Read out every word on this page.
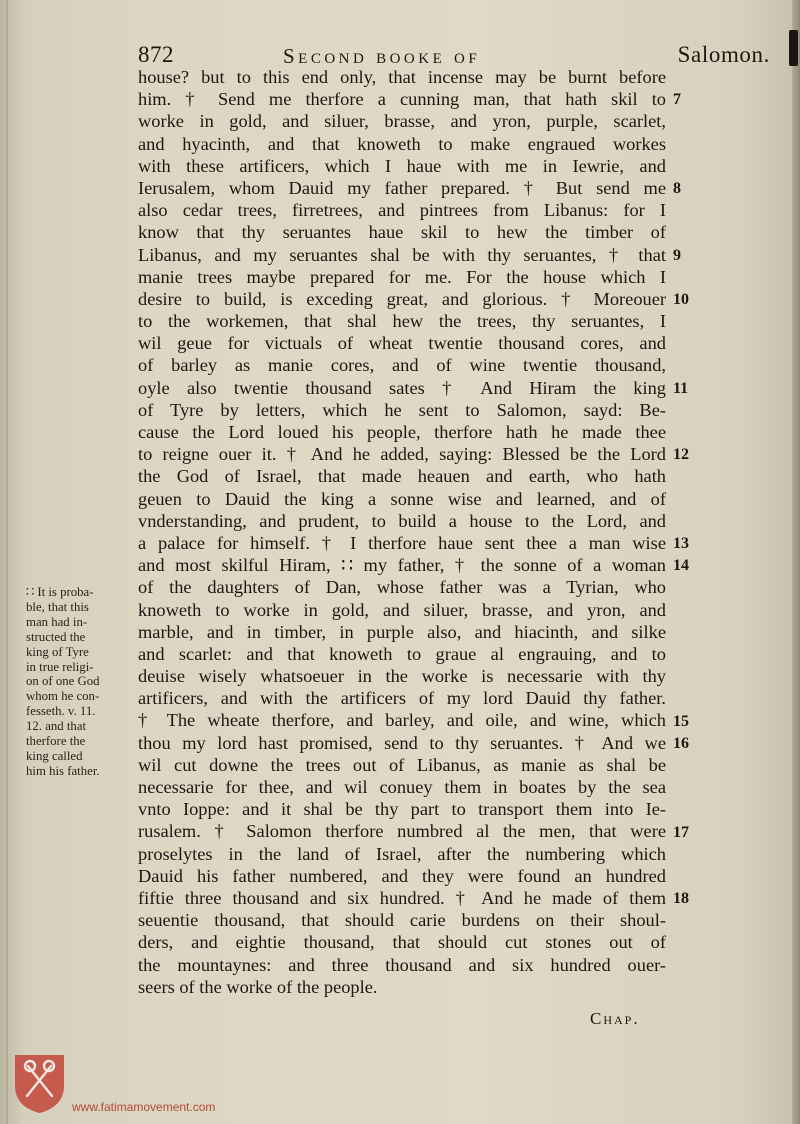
872	Second booke of	Salomon.
house? but to this end only, that incense may be burnt before
him. † Send me therfore a cunning man, that hath skil to
worke in gold, and siluer, brasse, and yron, purple, scarlet,
and hyacinth, and that knoweth to make engraued workes
with these artificers, which I haue with me in Iewrie, and
Ierusalem, whom Dauid my father prepared. † But send me
also cedar trees, firretrees, and pintrees from Libanus: for I
know that thy seruantes haue skil to hew the timber of
Libanus, and my seruantes shal be with thy seruantes, † that
manie trees maybe prepared for me. For the house which I
desire to build, is exceding great, and glorious. † Moreouer
to the workemen, that shal hew the trees, thy seruantes, I
wil geue for victuals of wheat twentie thousand cores, and
of barley as manie cores, and of wine twentie thousand,
oyle also twentie thousand sates † And Hiram the king
of Tyre by letters, which he sent to Salomon, sayd: Be-
cause the Lord loued his people, therfore hath he made thee
to reigne ouer it. † And he added, saying: Blessed be the Lord
the God of Israel, that made heauen and earth, who hath
geuen to Dauid the king a sonne wise and learned, and of
vnderstanding, and prudent, to build a house to the Lord, and
a palace for himself. † I therfore haue sent thee a man wise
and most skilful Hiram, ∷ my father, † the sonne of a woman
of the daughters of Dan, whose father was a Tyrian, who
knoweth to worke in gold, and siluer, brasse, and yron, and
marble, and in timber, in purple also, and hiacinth, and silke
and scarlet: and that knoweth to graue al engrauing, and to
deuise wisely whatsoeuer in the worke is necessarie with thy
artificers, and with the artificers of my lord Dauid thy father.
† The wheate therfore, and barley, and oile, and wine, which
thou my lord hast promised, send to thy seruantes. † And we
wil cut downe the trees out of Libanus, as manie as shal be
necessarie for thee, and wil conuey them in boates by the sea
vnto Ioppe: and it shal be thy part to transport them into Ie-
rusalem. † Salomon therfore numbred al the men, that were
proselytes in the land of Israel, after the numbering which
Dauid his father numbered, and they were found an hundred
fiftie three thousand and six hundred. † And he made of them
seuentie thousand, that should carie burdens on their shoul-
ders, and eightie thousand, that should cut stones out of
the mountaynes: and three thousand and six hundred ouer-
seers of the worke of the people.
7
8
9
10
11
12
13
14
15
16
17
18
∷ It is proba-
ble, that this
man had in-
structed the
king of Tyre
in true religi-
on of one God
whom he con-
fesseth. v. 11.
12. and that
therfore the
king called
him his father.
Chap.
www.fatimamovement.com
